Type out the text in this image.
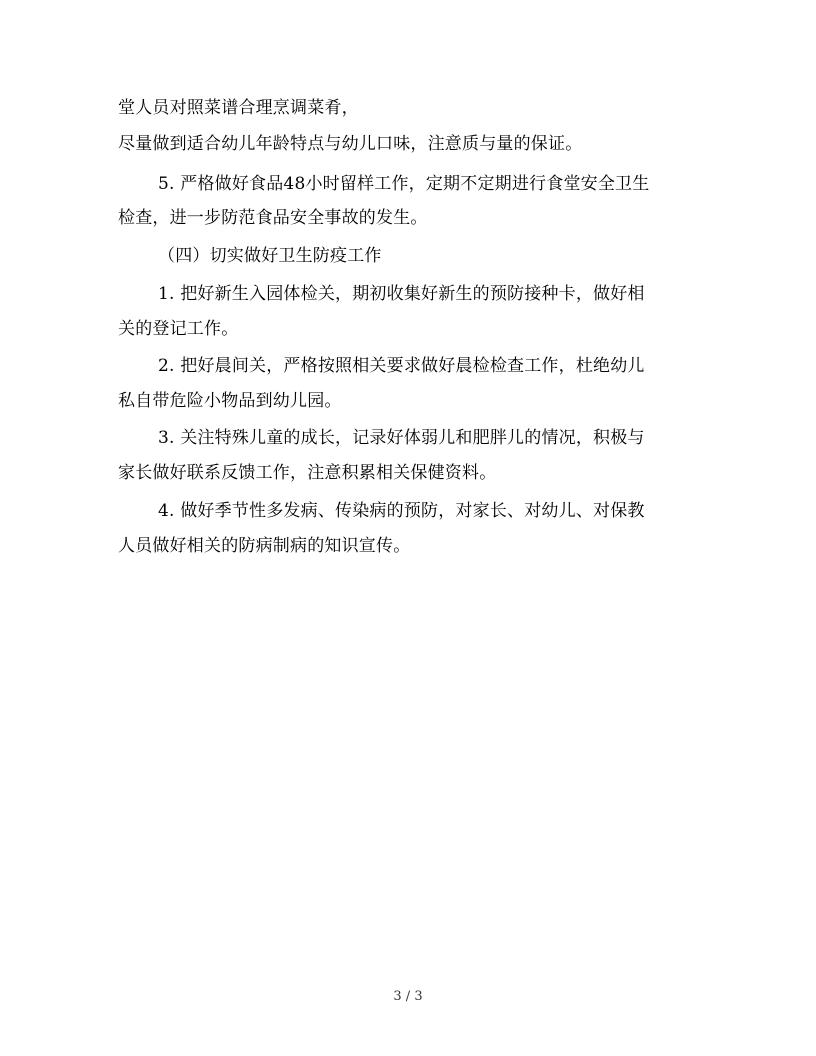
堂人员对照菜谱合理烹调菜肴，
尽量做到适合幼儿年龄特点与幼儿口味，注意质与量的保证。
5. 严格做好食品48小时留样工作，定期不定期进行食堂安全卫生
检查，进一步防范食品安全事故的发生。
（四）切实做好卫生防疫工作
1. 把好新生入园体检关，期初收集好新生的预防接种卡，做好相
关的登记工作。
2. 把好晨间关，严格按照相关要求做好晨检检查工作，杜绝幼儿
私自带危险小物品到幼儿园。
3. 关注特殊儿童的成长，记录好体弱儿和肥胖儿的情况，积极与
家长做好联系反馈工作，注意积累相关保健资料。
4. 做好季节性多发病、传染病的预防，对家长、对幼儿、对保教
人员做好相关的防病制病的知识宣传。
3 / 3
